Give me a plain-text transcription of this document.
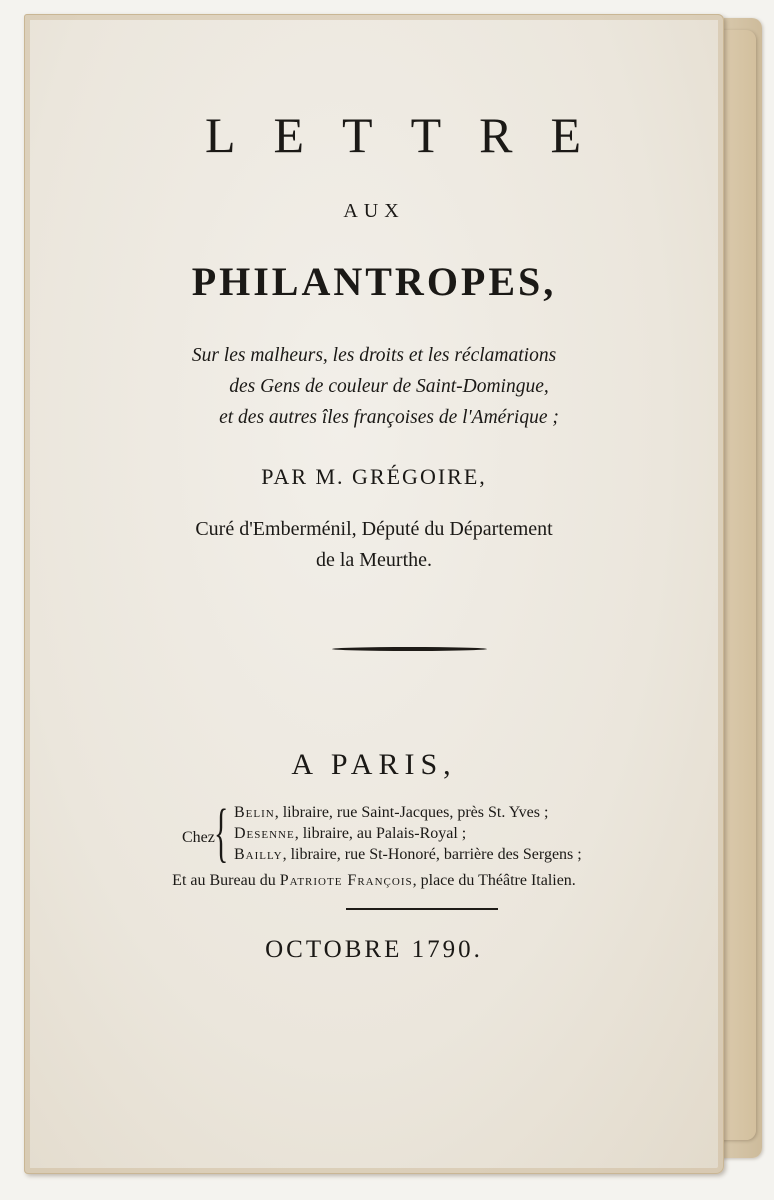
LETTRE
AUX
PHILANTROPES,
Sur les malheurs, les droits et les réclamations
des Gens de couleur de Saint-Domingue,
et des autres îles françoises de l'Amérique ;
PAR M. GRÉGOIRE,
Curé d'Emberménil, Député du Département
de la Meurthe.
A PARIS,
Chez { Belin, libraire, rue Saint-Jacques, près St. Yves ;
Desenne, libraire, au Palais-Royal ;
Bailly, libraire, rue St-Honoré, barrière des Sergens ;
Et au Bureau du Patriote François, place du Théâtre Italien.
OCTOBRE 1790.
